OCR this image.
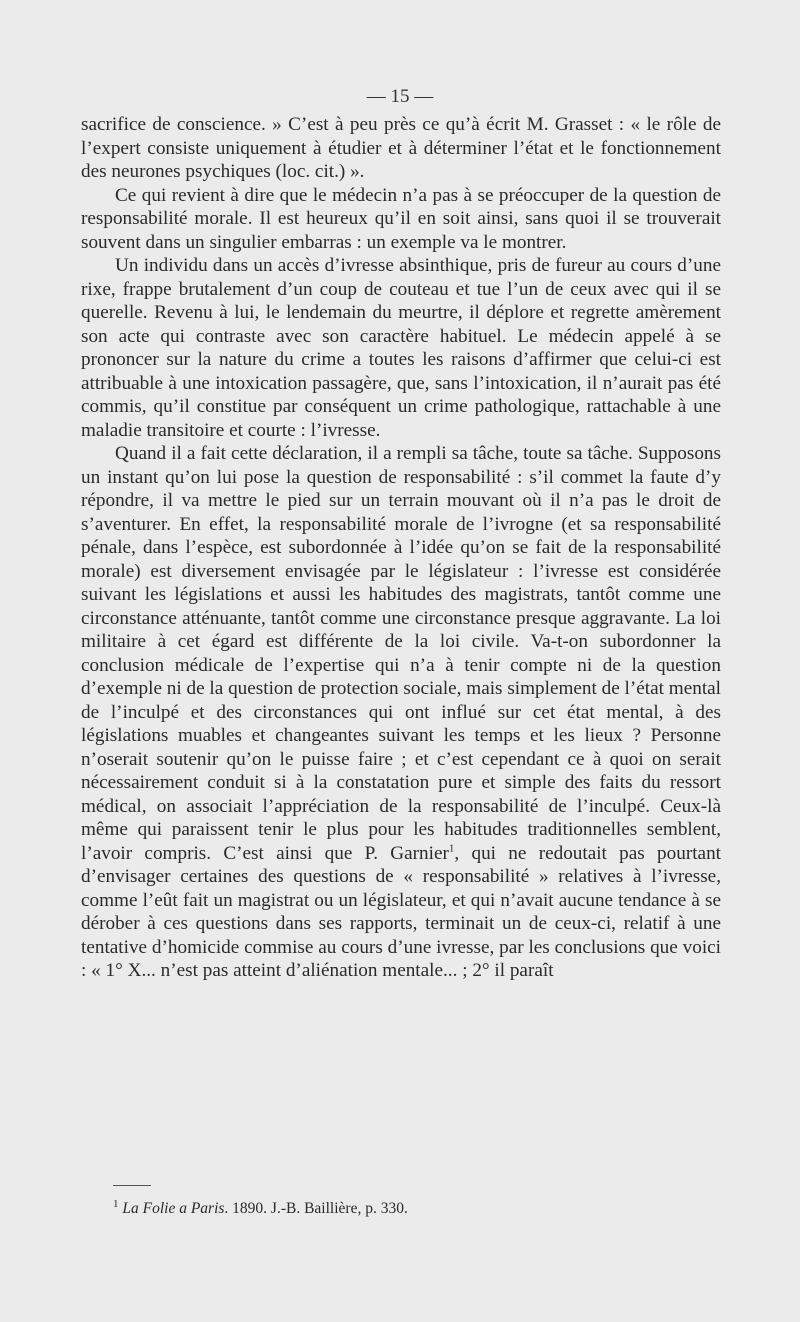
— 15 —

sacrifice de conscience. » C’est à peu près ce qu’à écrit M. Grasset : « le rôle de l’expert consiste uniquement à étudier et à déterminer l’état et le fonctionnement des neurones psychiques (loc. cit.) ».

Ce qui revient à dire que le médecin n’a pas à se préoccuper de la question de responsabilité morale. Il est heureux qu’il en soit ainsi, sans quoi il se trouverait souvent dans un singulier embarras : un exemple va le montrer.

Un individu dans un accès d’ivresse absinthique, pris de fureur au cours d’une rixe, frappe brutalement d’un coup de couteau et tue l’un de ceux avec qui il se querelle. Revenu à lui, le lendemain du meurtre, il déplore et regrette amèrement son acte qui contraste avec son caractère habituel. Le médecin appelé à se prononcer sur la nature du crime a toutes les raisons d’affirmer que celui-ci est attribuable à une intoxication passagère, que, sans l’intoxication, il n’aurait pas été commis, qu’il constitue par conséquent un crime pathologique, rattachable à une maladie transitoire et courte : l’ivresse.

Quand il a fait cette déclaration, il a rempli sa tâche, toute sa tâche. Supposons un instant qu’on lui pose la question de responsabilité : s’il commet la faute d’y répondre, il va mettre le pied sur un terrain mouvant où il n’a pas le droit de s’aventurer. En effet, la responsabilité morale de l’ivrogne (et sa responsabilité pénale, dans l’espèce, est subordonnée à l’idée qu’on se fait de la responsabilité morale) est diversement envisagée par le législateur : l’ivresse est considérée suivant les législations et aussi les habitudes des magistrats, tantôt comme une circonstance atténuante, tantôt comme une circonstance presque aggravante. La loi militaire à cet égard est différente de la loi civile. Va-t-on subordonner la conclusion médicale de l’expertise qui n’a à tenir compte ni de la question d’exemple ni de la question de protection sociale, mais simplement de l’état mental de l’inculpé et des circonstances qui ont influé sur cet état mental, à des législations muables et changeantes suivant les temps et les lieux ? Personne n’oserait soutenir qu’on le puisse faire ; et c’est cependant ce à quoi on serait nécessairement conduit si à la constatation pure et simple des faits du ressort médical, on associait l’appréciation de la responsabilité de l’inculpé. Ceux-là même qui paraissent tenir le plus pour les habitudes traditionnelles semblent, l’avoir compris. C’est ainsi que P. Garnier$^1$, qui ne redoutait pas pourtant d’envisager certaines des questions de « responsabilité » relatives à l’ivresse, comme l’eût fait un magistrat ou un législateur, et qui n’avait aucune tendance à se dérober à ces questions dans ses rapports, terminait un de ceux-ci, relatif à une tentative d’homicide commise au cours d’une ivresse, par les conclusions que voici : « 1° X... n’est pas atteint d’aliénation mentale... ; 2° il paraît

$^1$ La Folie a Paris. 1890. J.-B. Baillière, p. 330.
